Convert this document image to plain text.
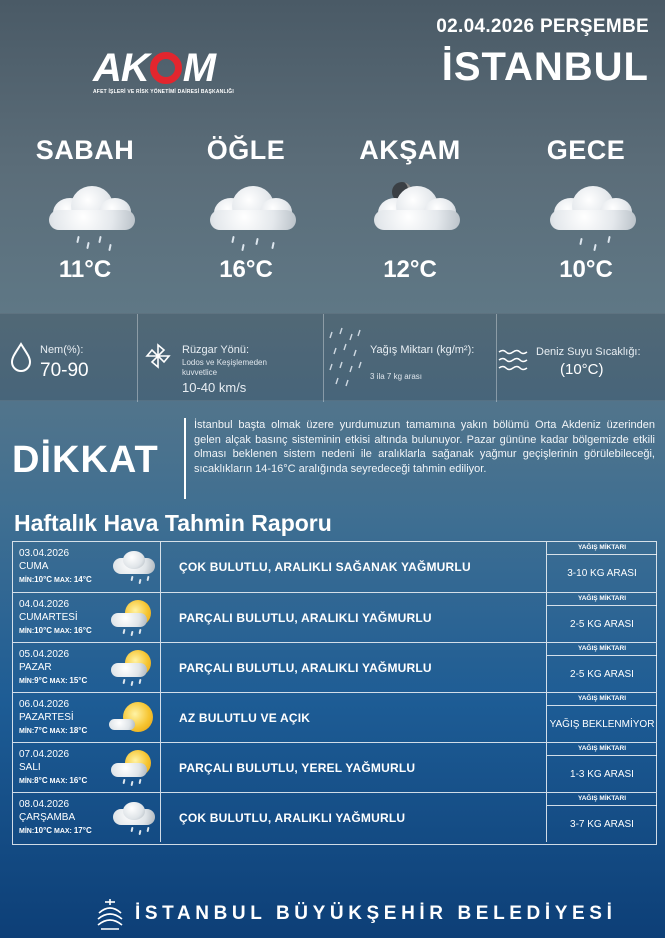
AK M
AFET İŞLERİ VE RİSK YÖNETİMİ DAİRESİ BAŞKANLIĞI
02.04.2026 PERŞEMBE
İSTANBUL
SABAH
11°C
ÖĞLE
16°C
AKŞAM
12°C
GECE
10°C
Nem(%):
70-90
Rüzgar Yönü:
Lodos ve Keşişlemeden kuvvetlice
10-40 km/s
Yağış Miktarı (kg/m²):
3 ila 7 kg arası
Deniz Suyu Sıcaklığı:
(10°C)
DİKKAT
İstanbul başta olmak üzere yurdumuzun tamamına yakın bölümü Orta Akdeniz üzerinden gelen alçak basınç sisteminin etkisi altında bulunuyor. Pazar gününe kadar bölgemizde etkili olması beklenen sistem nedeni ile aralıklarla sağanak yağmur geçişlerinin görülebileceği, sıcaklıkların 14-16°C aralığında seyredeceği tahmin ediliyor.
Haftalık Hava Tahmin Raporu
03.04.2026
CUMA
MİN:10°C MAX: 14°C
ÇOK BULUTLU, ARALIKLI SAĞANAK YAĞMURLU
YAĞIŞ MİKTARI
3-10 KG ARASI
04.04.2026
CUMARTESİ
MİN:10°C MAX: 16°C
PARÇALI BULUTLU, ARALIKLI YAĞMURLU
YAĞIŞ MİKTARI
2-5 KG ARASI
05.04.2026
PAZAR
MİN:9°C MAX: 15°C
PARÇALI BULUTLU, ARALIKLI YAĞMURLU
YAĞIŞ MİKTARI
2-5 KG ARASI
06.04.2026
PAZARTESİ
MİN:7°C MAX: 18°C
AZ BULUTLU VE AÇIK
YAĞIŞ MİKTARI
YAĞIŞ BEKLENMİYOR
07.04.2026
SALI
MİN:8°C MAX: 16°C
PARÇALI BULUTLU, YEREL YAĞMURLU
YAĞIŞ MİKTARI
1-3 KG ARASI
08.04.2026
ÇARŞAMBA
MİN:10°C MAX: 17°C
ÇOK BULUTLU, ARALIKLI YAĞMURLU
YAĞIŞ MİKTARI
3-7 KG ARASI
İSTANBUL BÜYÜKŞEHİR BELEDİYESİ
